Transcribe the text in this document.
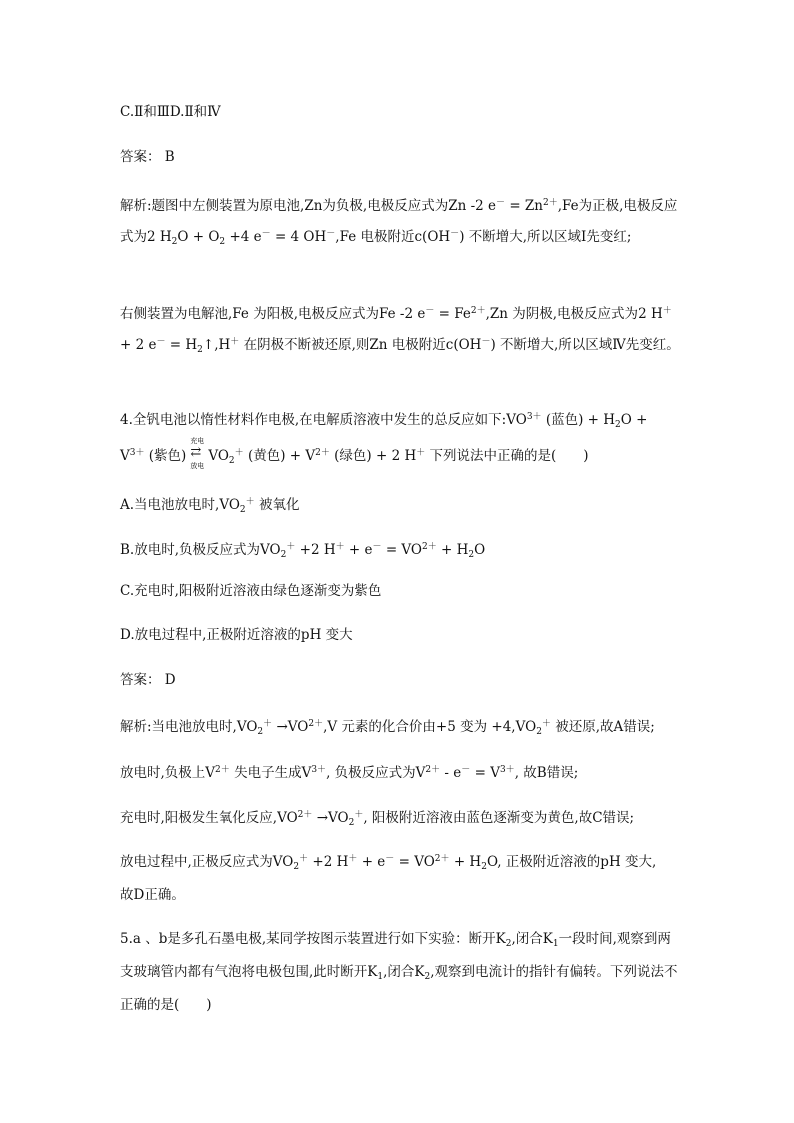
C.Ⅱ和ⅢD.Ⅱ和Ⅳ

答案： B

解析:题图中左侧装置为原电池,Zn为负极,电极反应式为Zn -2 $e^- = Zn^{2+},Fe$为正极,电极反应式为2 $H_2O + O_2 +4$ e－ = 4 OH－,Fe 电极附近c(OH－) 不断增大,所以区域Ⅰ先变红;

右侧装置为电解池,Fe 为阳极,电极反应式为Fe -2 $e^- = Fe^{2+},Zn$ 为阴极,电极反应式为2 H＋ + 2 $e^- = H_2↑,H^+$ 在阴极不断被还原,则Zn 电极附近c(OH－) 不断增大,所以区域Ⅳ先变红。

4.全钒电池以惰性材料作电极,在电解质溶液中发生的总反应如下$:VO^{3+}$ (蓝色) + $H_2O$ +
$V^{3+}$ (紫色)
充电
⇄
放电
$VO_2^+$ (黄色) + $V^{2+}$ (绿色) + 2 H＋ 下列说法中正确的是(　　)

A.当电池放电时$,VO_2^+$ 被氧化

B.放电时,负极反应式为$VO_2^+ +2$ $H^+ + e^- = VO^{2+} + H_2O$

C.充电时,阳极附近溶液由绿色逐渐变为紫色

D.放电过程中,正极附近溶液的pH 变大

答案： D

解析:当电池放电时$,VO_2^+ \to VO^{2+},V$ 元素的化合价由+5 变为 $+4,VO_2^+$ 被还原,故A错误;

放电时,负极上$V^{2+}$ 失电子生成$V^{3+}$, 负极反应式为$V^{2+} - e^- = V^{3+}$, 故B错误;

充电时,阳极发生氧化反应$,VO^{2+} \to VO_2^+$, 阳极附近溶液由蓝色逐渐变为黄色,故C错误;

放电过程中,正极反应式为$VO_2^+ +2$ $H^+ + e^- = VO^{2+} + H_2O$, 正极附近溶液的pH 变大,
故D正确。

5.a 、b是多孔石墨电极,某同学按图示装置进行如下实验：断开$K_2$,闭合$K_1$一段时间,观察到两支玻璃管内都有气泡将电极包围,此时断开$K_1$,闭合$K_2$,观察到电流计的指针有偏转。下列说法不正确的是(　　)
